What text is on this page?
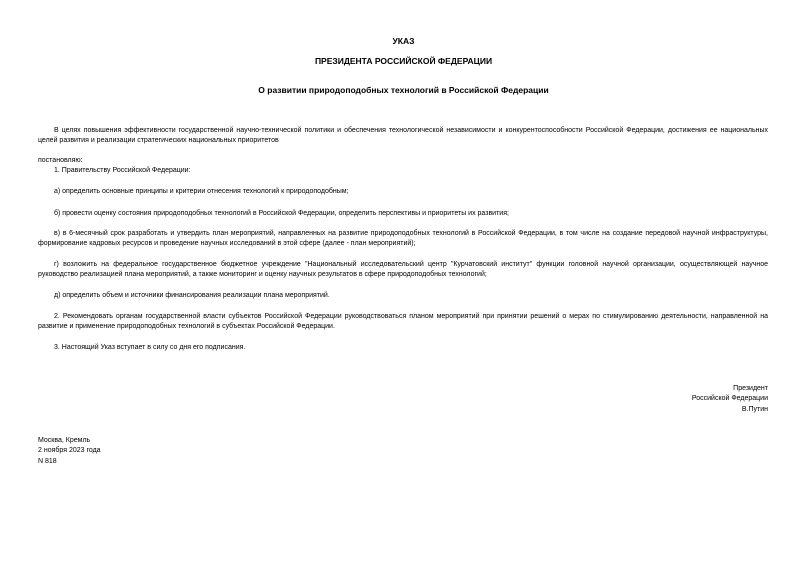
УКАЗ
ПРЕЗИДЕНТА РОССИЙСКОЙ ФЕДЕРАЦИИ
О развитии природоподобных технологий в Российской Федерации
В целях повышения эффективности государственной научно-технической политики и обеспечения технологической независимости и конкурентоспособности Российской Федерации, достижения ее национальных целей развития и реализации стратегических национальных приоритетов
постановляю:
1. Правительству Российской Федерации:
а) определить основные принципы и критерии отнесения технологий к природоподобным;
б) провести оценку состояния природоподобных технологий в Российской Федерации, определить перспективы и приоритеты их развития;
в) в 6-месячный срок разработать и утвердить план мероприятий, направленных на развитие природоподобных технологий в Российской Федерации, в том числе на создание передовой научной инфраструктуры, формирование кадровых ресурсов и проведение научных исследований в этой сфере (далее - план мероприятий);
г) возложить на федеральное государственное бюджетное учреждение "Национальный исследовательский центр "Курчатовский институт" функции головной научной организации, осуществляющей научное руководство реализацией плана мероприятий, а также мониторинг и оценку научных результатов в сфере природоподобных технологий;
д) определить объем и источники финансирования реализации плана мероприятий.
2. Рекомендовать органам государственной власти субъектов Российской Федерации руководствоваться планом мероприятий при принятии решений о мерах по стимулированию деятельности, направленной на развитие и применение природоподобных технологий в субъектах Российской Федерации.
3. Настоящий Указ вступает в силу со дня его подписания.
Президент
Российской Федерации
В.Путин
Москва, Кремль
2 ноября 2023 года
N 818
